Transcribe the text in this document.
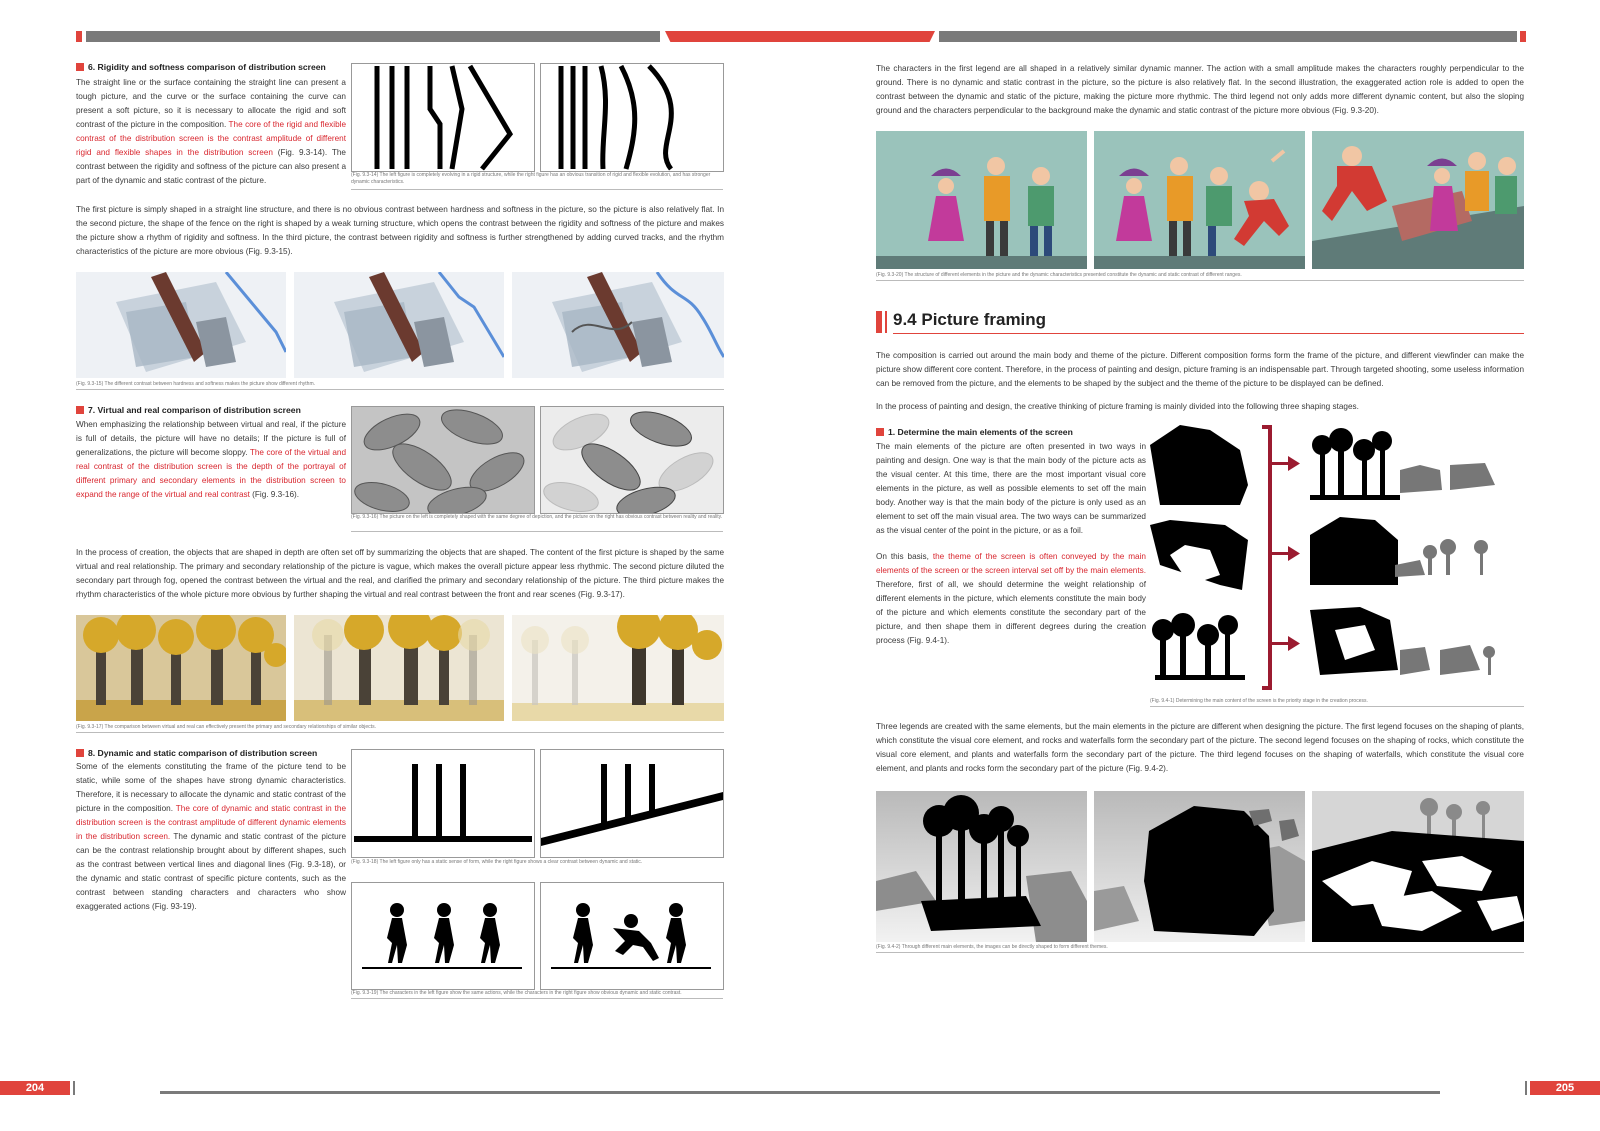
204	205
6. Rigidity and softness comparison of distribution screen

The straight line or the surface containing the straight line can present a tough picture, and the curve or the surface containing the curve can present a soft picture, so it is necessary to allocate the rigid and soft contrast of the picture in the composition. The core of the rigid and flexible contrast of the distribution screen is the contrast amplitude of different rigid and flexible shapes in the distribution screen (Fig. 9.3-14). The contrast between the rigidity and softness of the picture can also present a part of the dynamic and static contrast of the picture.

(Fig. 9.3-14) The left figure is completely evolving in a rigid structure, while the right figure has an obvious transition of rigid and flexible evolution, and has stronger dynamic characteristics.

The first picture is simply shaped in a straight line structure, and there is no obvious contrast between hardness and softness in the picture, so the picture is also relatively flat. In the second picture, the shape of the fence on the right is shaped by a weak turning structure, which opens the contrast between the rigidity and softness of the picture and makes the picture show a rhythm of rigidity and softness. In the third picture, the contrast between rigidity and softness is further strengthened by adding curved tracks, and the rhythm characteristics of the picture are more obvious (Fig. 9.3-15).

(Fig. 9.3-15) The different contrast between hardness and softness makes the picture show different rhythm.
7. Virtual and real comparison of distribution screen

When emphasizing the relationship between virtual and real, if the picture is full of details, the picture will have no details; If the picture is full of generalizations, the picture will become sloppy. The core of the virtual and real contrast of the distribution screen is the depth of the portrayal of different primary and secondary elements in the distribution screen to expand the range of the virtual and real contrast (Fig. 9.3-16).

(Fig. 9.3-16) The picture on the left is completely shaped with the same degree of depiction, and the picture on the right has obvious contrast between reality and reality.

In the process of creation, the objects that are shaped in depth are often set off by summarizing the objects that are shaped. The content of the first picture is shaped by the same virtual and real relationship. The primary and secondary relationship of the picture is vague, which makes the overall picture appear less rhythmic. The second picture diluted the secondary part through fog, opened the contrast between the virtual and the real, and clarified the primary and secondary relationship of the picture. The third picture makes the rhythm characteristics of the whole picture more obvious by further shaping the virtual and real contrast between the front and rear scenes (Fig. 9.3-17).

(Fig. 9.3-17) The comparison between virtual and real can effectively present the primary and secondary relationships of similar objects.
8. Dynamic and static comparison of distribution screen

Some of the elements constituting the frame of the picture tend to be static, while some of the shapes have strong dynamic characteristics. Therefore, it is necessary to allocate the dynamic and static contrast of the picture in the composition. The core of dynamic and static contrast in the distribution screen is the contrast amplitude of different dynamic elements in the distribution screen. The dynamic and static contrast of the picture can be the contrast relationship brought about by different shapes, such as the contrast between vertical lines and diagonal lines (Fig. 9.3-18), or the dynamic and static contrast of specific picture contents, such as the contrast between standing characters and characters who show exaggerated actions (Fig. 93-19).

(Fig. 9.3-18) The left figure only has a static sense of form, while the right figure shows a clear contrast between dynamic and static.
(Fig. 9.3-19) The characters in the left figure show the same actions, while the characters in the right figure show obvious dynamic and static contrast.

The characters in the first legend are all shaped in a relatively similar dynamic manner. The action with a small amplitude makes the characters roughly perpendicular to the ground. There is no dynamic and static contrast in the picture, so the picture is also relatively flat. In the second illustration, the exaggerated action role is added to open the contrast between the dynamic and static of the picture, making the picture more rhythmic. The third legend not only adds more different dynamic content, but also the sloping ground and the characters perpendicular to the background make the dynamic and static contrast of the picture more obvious (Fig. 9.3-20).

(Fig. 9.3-20) The structure of different elements in the picture and the dynamic characteristics presented constitute the dynamic and static contrast of different ranges.
9.4 Picture framing

The composition is carried out around the main body and theme of the picture. Different composition forms form the frame of the picture, and different viewfinder can make the picture show different core content. Therefore, in the process of painting and design, picture framing is an indispensable part. Through targeted shooting, some useless information can be removed from the picture, and the elements to be shaped by the subject and the theme of the picture to be displayed can be defined.

In the process of painting and design, the creative thinking of picture framing is mainly divided into the following three shaping stages.

1. Determine the main elements of the screen

The main elements of the picture are often presented in two ways in painting and design. One way is that the main body of the picture acts as the visual center. At this time, there are the most important visual core elements in the picture, as well as possible elements to set off the main body. Another way is that the main body of the picture is only used as an element to set off the main visual area. The two ways can be summarized as the visual center of the point in the picture, or as a foil.

On this basis, the theme of the screen is often conveyed by the main elements of the screen or the screen interval set off by the main elements. Therefore, first of all, we should determine the weight relationship of different elements in the picture, which elements constitute the main body of the picture and which elements constitute the secondary part of the picture, and then shape them in different degrees during the creation process (Fig. 9.4-1).

(Fig. 9.4-1) Determining the main content of the screen is the priority stage in the creation process.

Three legends are created with the same elements, but the main elements in the picture are different when designing the picture. The first legend focuses on the shaping of plants, which constitute the visual core element, and rocks and waterfalls form the secondary part of the picture. The second legend focuses on the shaping of rocks, which constitute the visual core element, and plants and waterfalls form the secondary part of the picture. The third legend focuses on the shaping of waterfalls, which constitute the visual core element, and plants and rocks form the secondary part of the picture (Fig. 9.4-2).

(Fig. 9.4-2) Through different main elements, the images can be directly shaped to form different themes.
